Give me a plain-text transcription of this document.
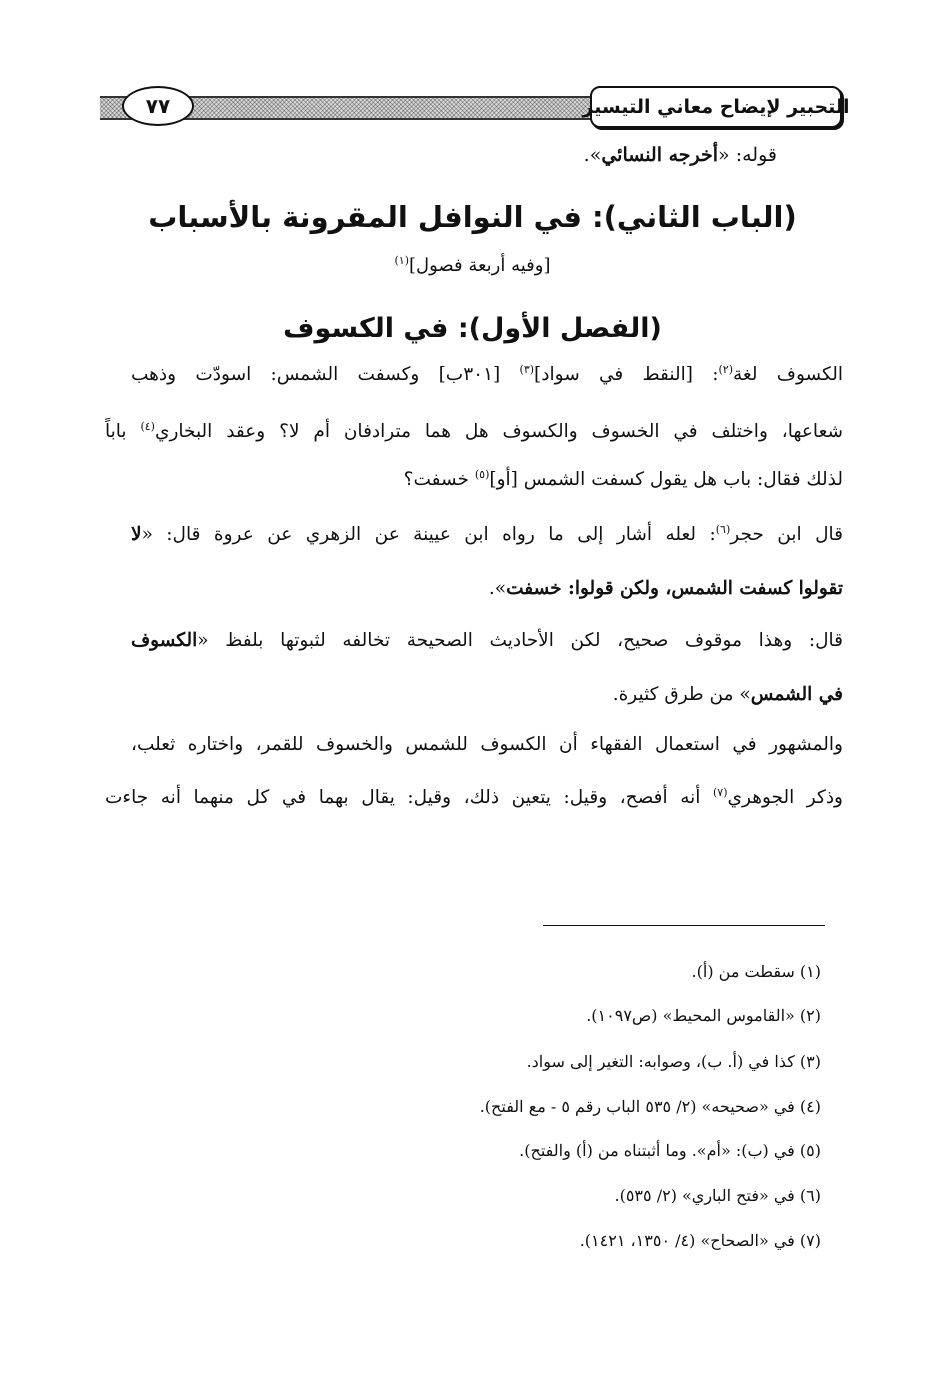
التحبير لإيضاح معاني التيسير
٧٧
قوله: «أخرجه النسائي».
(الباب الثاني): في النوافل المقرونة بالأسباب
[وفيه أربعة فصول]$^{(١)}$
(الفصل الأول): في الكسوف
الكسوف لغة$^{(٢)}$: [النقط في سواد]$^{(٣)}$ [٣٠١ب] وكسفت الشمس: اسودّت وذهب
شعاعها، واختلف في الخسوف والكسوف هل هما مترادفان أم لا؟ وعقد البخاري$^{(٤)}$ باباً
لذلك فقال: باب هل يقول كسفت الشمس [أو]$^{(٥)}$ خسفت؟
قال ابن حجر$^{(٦)}$: لعله أشار إلى ما رواه ابن عيينة عن الزهري عن عروة قال: «لا
تقولوا كسفت الشمس، ولكن قولوا: خسفت».
قال: وهذا موقوف صحيح، لكن الأحاديث الصحيحة تخالفه لثبوتها بلفظ «الكسوف
في الشمس» من طرق كثيرة.
والمشهور في استعمال الفقهاء أن الكسوف للشمس والخسوف للقمر، واختاره ثعلب،
وذكر الجوهري$^{(٧)}$ أنه أفصح، وقيل: يتعين ذلك، وقيل: يقال بهما في كل منهما أنه جاءت
(١) سقطت من (أ).
(٢) «القاموس المحيط» (ص١٠٩٧).
(٣) كذا في (أ. ب)، وصوابه: التغير إلى سواد.
(٤) في «صحيحه» (٢/ ٥٣٥ الباب رقم ٥ - مع الفتح).
(٥) في (ب): «أم». وما أثبتناه من (أ) والفتح).
(٦) في «فتح الباري» (٢/ ٥٣٥).
(٧) في «الصحاح» (٤/ ١٣٥٠، ١٤٢١).
